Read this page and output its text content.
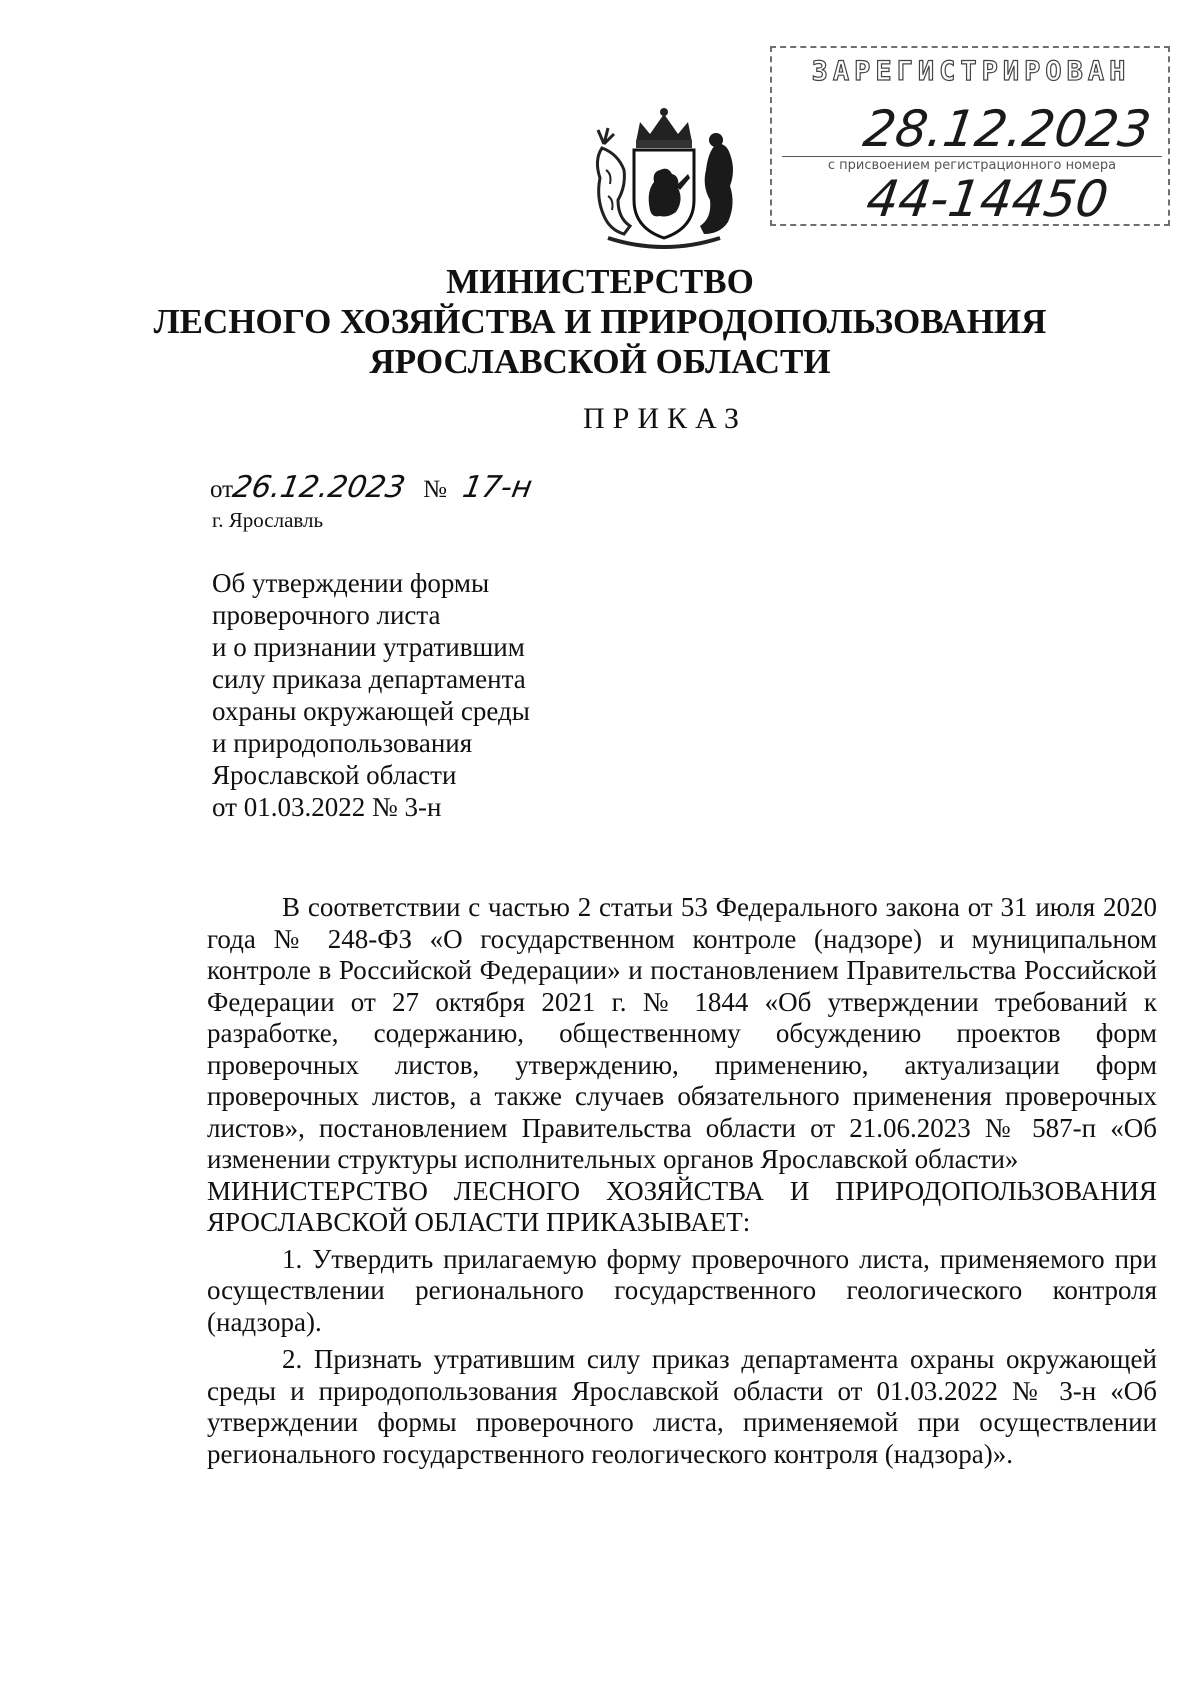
ЗАРЕГИСТРИРОВАН
28.12.2023
с присвоением регистрационного номера
44-14450
МИНИСТЕРСТВО
ЛЕСНОГО ХОЗЯЙСТВА И ПРИРОДОПОЛЬЗОВАНИЯ
ЯРОСЛАВСКОЙ ОБЛАСТИ
ПРИКАЗ
от26.12.2023 № 17-н
г. Ярославль
Об утверждении формы
проверочного листа
и о признании утратившим
силу приказа департамента
охраны окружающей среды
и природопользования
Ярославской области
от 01.03.2022 № 3-н

В соответствии с частью 2 статьи 53 Федерального закона от 31 июля 2020 года № 248-ФЗ «О государственном контроле (надзоре) и муниципальном контроле в Российской Федерации» и постановлением Правительства Российской Федерации от 27 октября 2021 г. № 1844 «Об утверждении требований к разработке, содержанию, общественному обсуждению проектов форм проверочных листов, утверждению, применению, актуализации форм проверочных листов, а также случаев обязательного применения проверочных листов», постановлением Правительства области от 21.06.2023 № 587-п «Об изменении структуры исполнительных органов Ярославской области»

МИНИСТЕРСТВО ЛЕСНОГО ХОЗЯЙСТВА И ПРИРОДОПОЛЬЗОВАНИЯ ЯРОСЛАВСКОЙ ОБЛАСТИ ПРИКАЗЫВАЕТ:

1. Утвердить прилагаемую форму проверочного листа, применяемого при осуществлении регионального государственного геологического контроля (надзора).

2. Признать утратившим силу приказ департамента охраны окружающей среды и природопользования Ярославской области от 01.03.2022 № 3-н «Об утверждении формы проверочного листа, применяемой при осуществлении регионального государственного геологического контроля (надзора)».
